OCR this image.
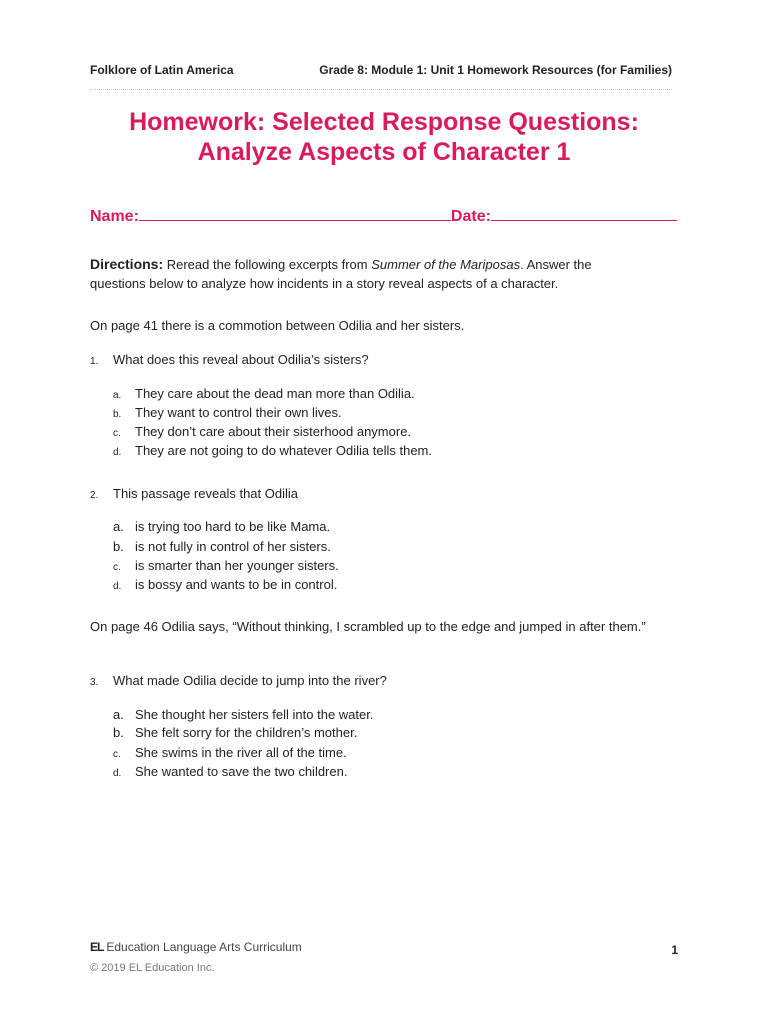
Folklore of Latin America	Grade 8: Module 1: Unit 1 Homework Resources (for Families)
Homework: Selected Response Questions:
Analyze Aspects of Character 1
Name:	Date:
Directions: Reread the following excerpts from Summer of the Mariposas. Answer the questions below to analyze how incidents in a story reveal aspects of a character.
On page 41 there is a commotion between Odilia and her sisters.
1. What does this reveal about Odilia’s sisters?
a. They care about the dead man more than Odilia.
b. They want to control their own lives.
c. They don’t care about their sisterhood anymore.
d. They are not going to do whatever Odilia tells them.
2. This passage reveals that Odilia
a. is trying too hard to be like Mama.
b. is not fully in control of her sisters.
c. is smarter than her younger sisters.
d. is bossy and wants to be in control.
On page 46 Odilia says, “Without thinking, I scrambled up to the edge and jumped in after them.”
3. What made Odilia decide to jump into the river?
a. She thought her sisters fell into the water.
b. She felt sorry for the children’s mother.
c. She swims in the river all of the time.
d. She wanted to save the two children.
EL Education Language Arts Curriculum
© 2019 EL Education Inc.
1
